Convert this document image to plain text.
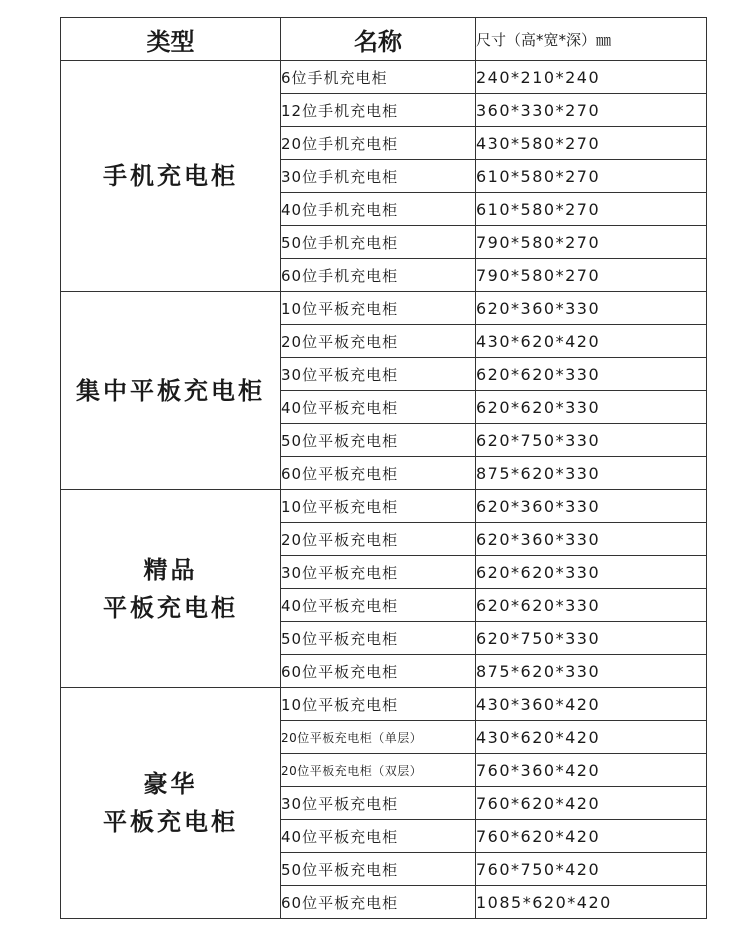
类型	名称	尺寸（高*宽*深）㎜

手机充电柜	6位手机充电柜	240*210*240
	12位手机充电柜	360*330*270
	20位手机充电柜	430*580*270
	30位手机充电柜	610*580*270
	40位手机充电柜	610*580*270
	50位手机充电柜	790*580*270
	60位手机充电柜	790*580*270

集中平板充电柜	10位平板充电柜	620*360*330
	20位平板充电柜	430*620*420
	30位平板充电柜	620*620*330
	40位平板充电柜	620*620*330
	50位平板充电柜	620*750*330
	60位平板充电柜	875*620*330

精品
平板充电柜	10位平板充电柜	620*360*330
	20位平板充电柜	620*360*330
	30位平板充电柜	620*620*330
	40位平板充电柜	620*620*330
	50位平板充电柜	620*750*330
	60位平板充电柜	875*620*330

豪华
平板充电柜	10位平板充电柜	430*360*420
	20位平板充电柜（单层）	430*620*420
	20位平板充电柜（双层）	760*360*420
	30位平板充电柜	760*620*420
	40位平板充电柜	760*620*420
	50位平板充电柜	760*750*420
	60位平板充电柜	1085*620*420
